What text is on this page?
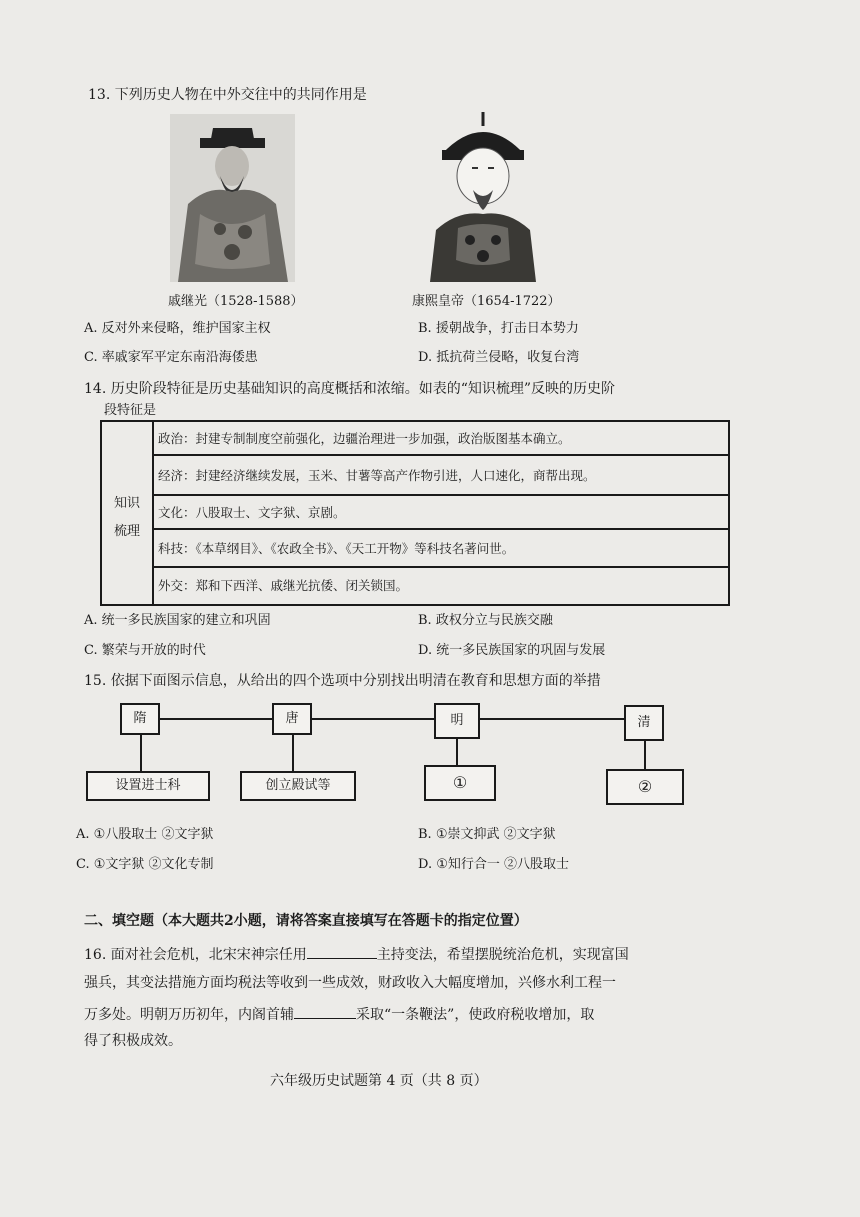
13. 下列历史人物在中外交往中的共同作用是
戚继光（1528-1588）	康熙皇帝（1654-1722）
A. 反对外来侵略，维护国家主权	B. 援朝战争，打击日本势力
C. 率戚家军平定东南沿海倭患	D. 抵抗荷兰侵略，收复台湾
14. 历史阶段特征是历史基础知识的高度概括和浓缩。如表的“知识梳理”反映的历史阶
段特征是
知识
梳理
政治：封建专制制度空前强化，边疆治理进一步加强，政治版图基本确立。
经济：封建经济继续发展，玉米、甘薯等高产作物引进，人口速化，商帮出现。
文化：八股取士、文字狱、京剧。
科技：《本草纲目》、《农政全书》、《天工开物》等科技名著问世。
外交：郑和下西洋、戚继光抗倭、闭关锁国。
A. 统一多民族国家的建立和巩固	B. 政权分立与民族交融
C. 繁荣与开放的时代	D. 统一多民族国家的巩固与发展
15. 依据下面图示信息，从给出的四个选项中分别找出明清在教育和思想方面的举措
隋	唐	明	清
设置进士科	创立殿试等	①	②
A. ①八股取士 ②文字狱	B. ①崇文抑武 ②文字狱
C. ①文字狱 ②文化专制	D. ①知行合一 ②八股取士
二、填空题（本大题共2小题，请将答案直接填写在答题卡的指定位置）
16. 面对社会危机，北宋宋神宗任用	主持变法，希望摆脱统治危机，实现富国
强兵，其变法措施方面均税法等收到一些成效，财政收入大幅度增加，兴修水利工程一
万多处。明朝万历初年，内阁首辅	采取“一条鞭法”，使政府税收增加，取
得了积极成效。
六年级历史试题第 4 页（共 8 页）
